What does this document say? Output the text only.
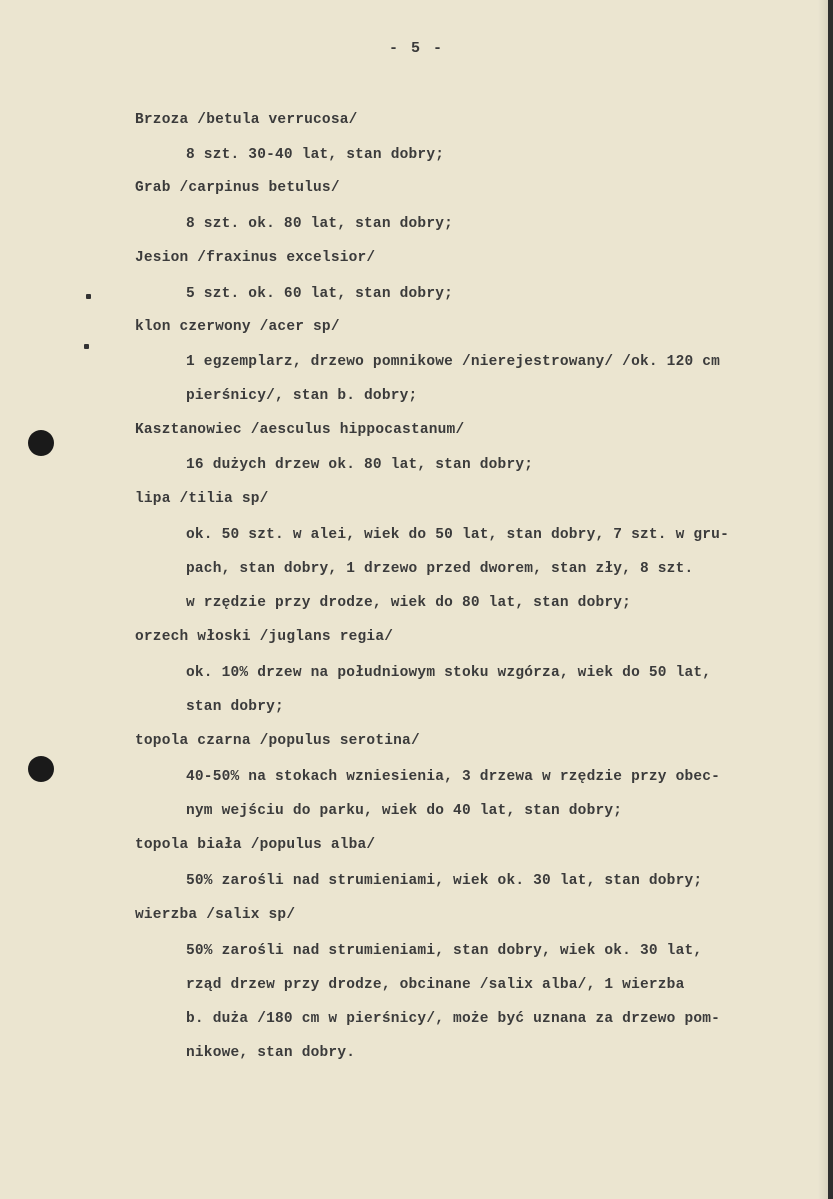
- 5 -
Brzoza /betula verrucosa/
8 szt. 30-40 lat, stan dobry;
Grab /carpinus betulus/
8 szt. ok. 80 lat, stan dobry;
Jesion /fraxinus excelsior/
5 szt. ok. 60 lat, stan dobry;
klon czerwony /acer sp/
1 egzemplarz, drzewo pomnikowe /nierejestrowany/ /ok. 120 cm
pierśnicy/, stan b. dobry;
Kasztanowiec /aesculus hippocastanum/
16 dużych drzew ok. 80 lat, stan dobry;
lipa /tilia sp/
ok. 50 szt. w alei, wiek do 50 lat, stan dobry, 7 szt. w gru-
pach, stan dobry, 1 drzewo przed dworem, stan zły, 8 szt.
w rzędzie przy drodze, wiek do 80 lat, stan dobry;
orzech włoski /juglans regia/
ok. 10% drzew na południowym stoku wzgórza, wiek do 50 lat,
stan dobry;
topola czarna /populus serotina/
40-50% na stokach wzniesienia, 3 drzewa w rzędzie przy obec-
nym wejściu do parku, wiek do 40 lat, stan dobry;
topola biała /populus alba/
50% zarośli nad strumieniami, wiek ok. 30 lat, stan dobry;
wierzba /salix sp/
50% zarośli nad strumieniami, stan dobry, wiek ok. 30 lat,
rząd drzew przy drodze, obcinane /salix alba/, 1 wierzba
b. duża /180 cm w pierśnicy/, może być uznana za drzewo pom-
nikowe, stan dobry.
